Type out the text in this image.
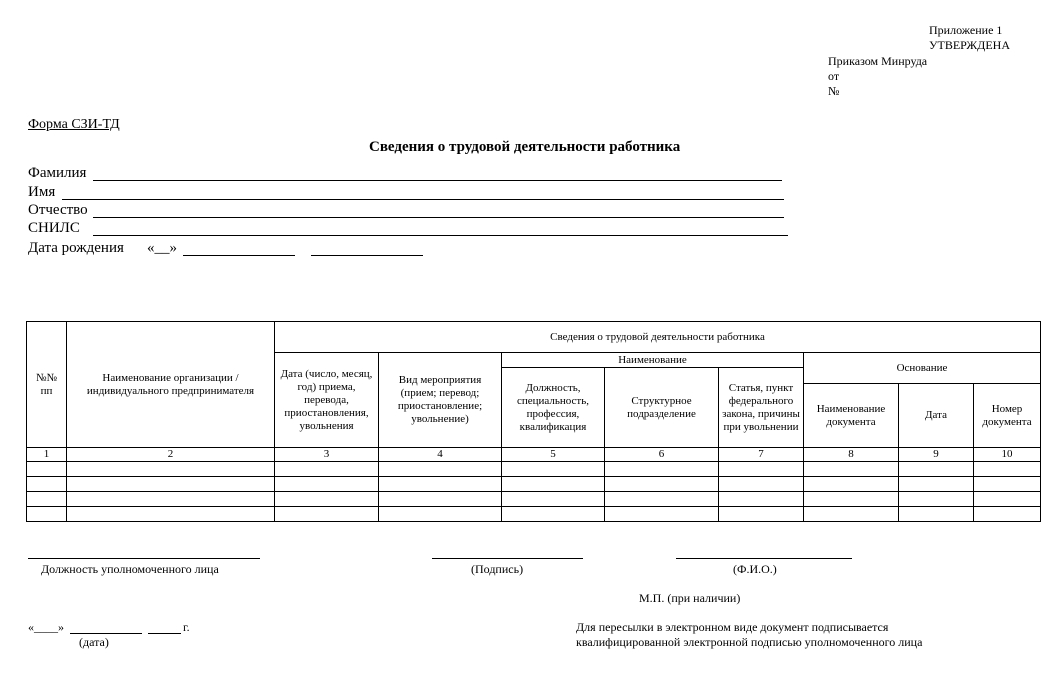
Приложение 1
УТВЕРЖДЕНА
Приказом Минруда
от
№
Форма СЗИ-ТД
Сведения о трудовой деятельности работника
Фамилия
Имя
Отчество
СНИЛС
Дата рождения «__»
№№ пп	Наименование организации /индивидуального предпринимателя	Сведения о трудовой деятельности работника							
		Дата (число, месяц, год) приема, перевода, приостановления, увольнения	Вид мероприятия (прием; перевод; приостановление; увольнение)	Наименование			Основание		
				Должность, специальность, профессия, квалификация	Структурное подразделение	Статья, пункт федерального закона, причины при увольнении			
							Наименование документа	Дата	Номер документа
1	2	3	4	5	6	7	8	9	10

Должность уполномоченного лица	(Подпись)	(Ф.И.О.)
М.П. (при наличии)
«____»	г.
(дата)
Для пересылки в электронном виде документ подписывается
квалифицированной электронной подписью уполномоченного лица
